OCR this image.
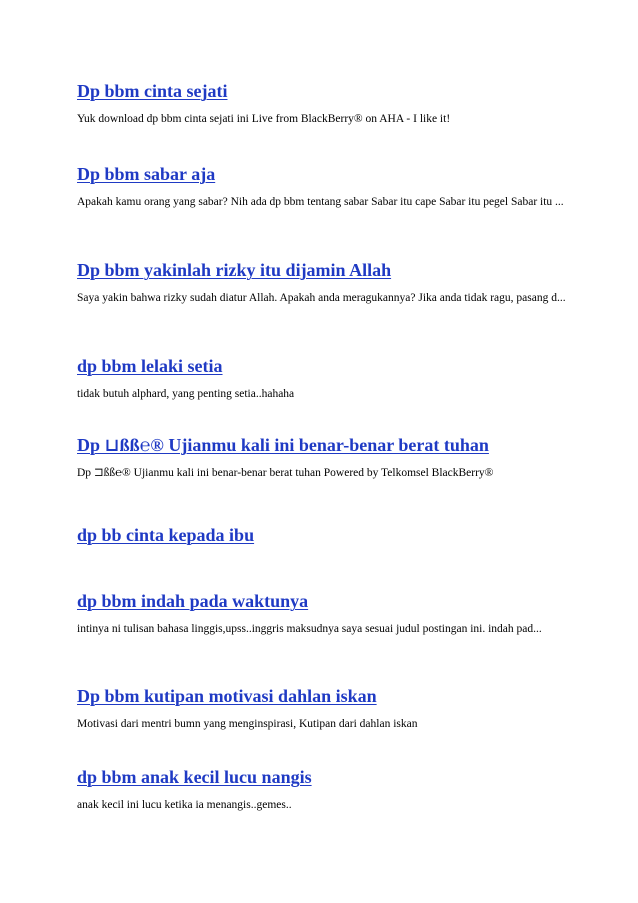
Dp bbm cinta sejati
Yuk download dp bbm cinta sejati ini Live from BlackBerry® on AHA - I like it!
Dp bbm sabar aja
Apakah kamu orang yang sabar? Nih ada dp bbm tentang sabar Sabar itu cape Sabar itu pegel Sabar itu ...
Dp bbm yakinlah rizky itu dijamin Allah
Saya yakin bahwa rizky sudah diatur Allah. Apakah anda meragukannya? Jika anda tidak ragu, pasang d...
dp bbm lelaki setia
tidak butuh alphard, yang penting setia..hahaha
Dp ⊔ßß℮® Ujianmu kali ini benar-benar berat tuhan
Dp ⊐ßß℮® Ujianmu kali ini benar-benar berat tuhan Powered by Telkomsel BlackBerry®
dp bb cinta kepada ibu
dp bbm indah pada waktunya
intinya ni tulisan bahasa linggis,upss..inggris maksudnya saya sesuai judul postingan ini. indah pad...
Dp bbm kutipan motivasi dahlan iskan
Motivasi dari mentri bumn yang menginspirasi, Kutipan dari dahlan iskan
dp bbm anak kecil lucu nangis
anak kecil ini lucu ketika ia menangis..gemes..
